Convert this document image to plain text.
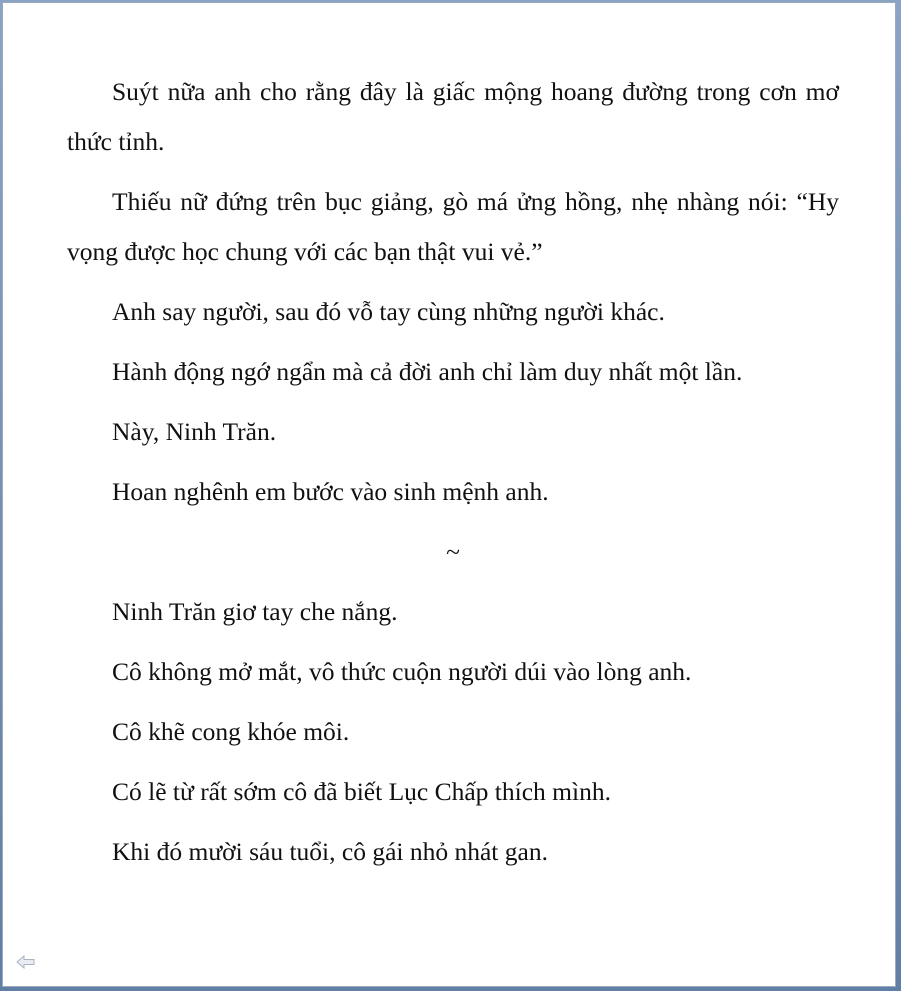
Suýt nữa anh cho rằng đây là giấc mộng hoang đường trong cơn mơ thức tỉnh.

Thiếu nữ đứng trên bục giảng, gò má ửng hồng, nhẹ nhàng nói: “Hy vọng được học chung với các bạn thật vui vẻ.”

Anh say người, sau đó vỗ tay cùng những người khác.

Hành động ngớ ngẩn mà cả đời anh chỉ làm duy nhất một lần.

Này, Ninh Trăn.

Hoan nghênh em bước vào sinh mệnh anh.

~

Ninh Trăn giơ tay che nắng.

Cô không mở mắt, vô thức cuộn người dúi vào lòng anh.

Cô khẽ cong khóe môi.

Có lẽ từ rất sớm cô đã biết Lục Chấp thích mình.

Khi đó mười sáu tuổi, cô gái nhỏ nhát gan.
